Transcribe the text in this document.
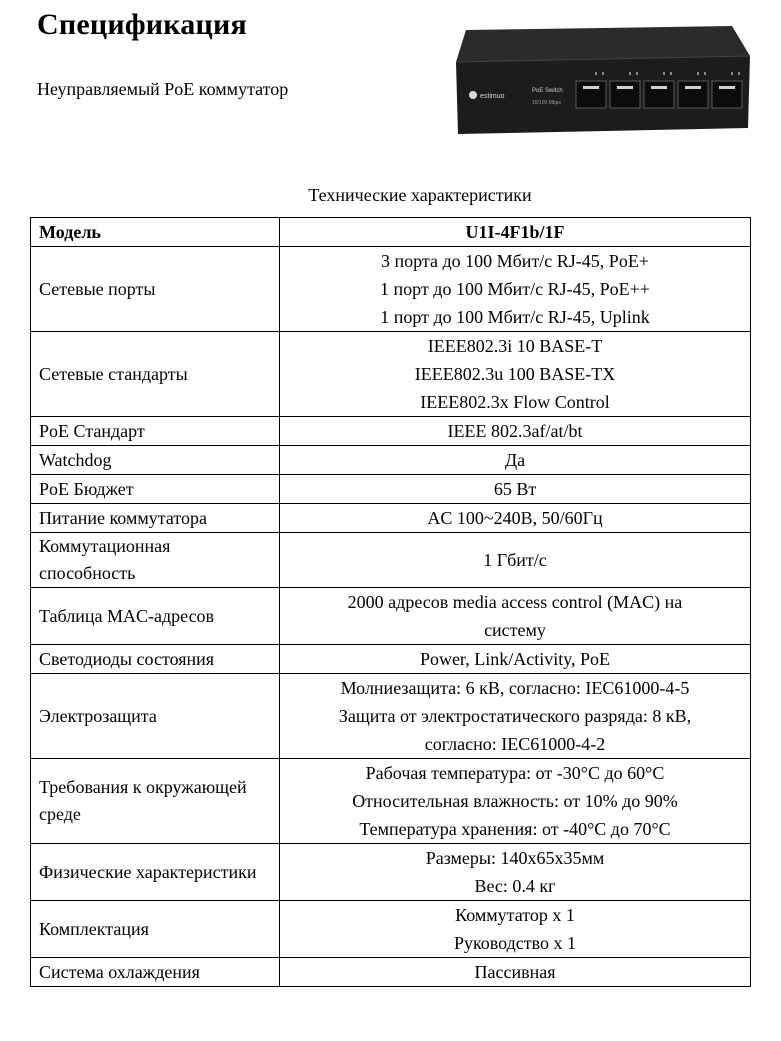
Спецификация
Неуправляемый PoE коммутатор	estimuo
PoE Switch
10/100 Mbps
Технические характеристики
Модель	U1I-4F1b/1F

Сетевые порты	3 порта до 100 Мбит/с RJ-45, PoE+
1 порт до 100 Мбит/с RJ-45, PoE++
1 порт до 100 Мбит/с RJ-45, Uplink

Сетевые стандарты	IEEE802.3i 10 BASE-T
IEEE802.3u 100 BASE-TX
IEEE802.3x Flow Control

PoE Стандарт	IEEE 802.3af/at/bt

Watchdog	Да

PoE Бюджет	65 Вт

Питание коммутатора	AC 100~240B, 50/60Гц

Коммутационная способность	1 Гбит/с

Таблица MAC-адресов	2000 адресов media access control (MAC) на
систему

Светодиоды состояния	Power, Link/Activity, PoE

Электрозащита	Молниезащита: 6 кВ, согласно: IEC61000-4-5
Защита от электростатического разряда: 8 кВ,
согласно: IEC61000-4-2

Требования к окружающей среде	Рабочая температура: от -30°C до 60°C
Относительная влажность: от 10% до 90%
Температура хранения: от -40°C до 70°C

Физические характеристики	Размеры: 140x65x35мм
Вес: 0.4 кг

Комплектация	Коммутатор x 1
Руководство x 1

Система охлаждения	Пассивная
